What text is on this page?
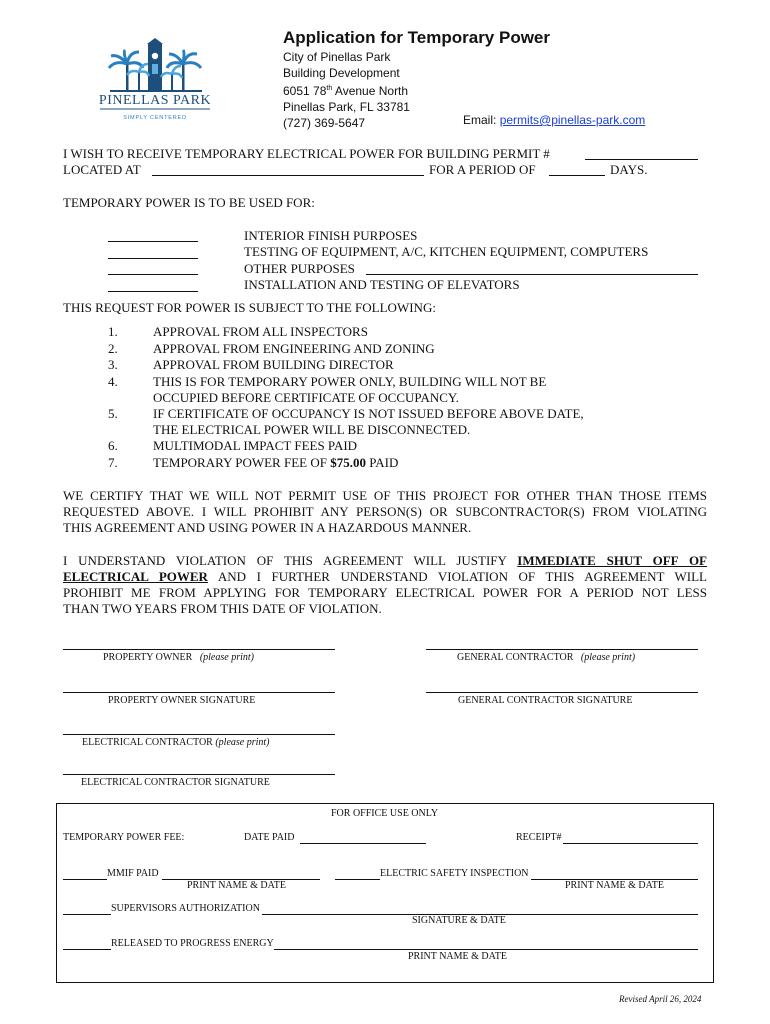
PINELLAS PARK
SIMPLY CENTERED
Application for Temporary Power
City of Pinellas Park
Building Development
6051 78th Avenue North
Pinellas Park, FL 33781
(727) 369-5647	Email: permits@pinellas-park.com
I WISH TO RECEIVE TEMPORARY ELECTRICAL POWER FOR BUILDING PERMIT #
LOCATED AT	FOR A PERIOD OF	DAYS.
TEMPORARY POWER IS TO BE USED FOR:
INTERIOR FINISH PURPOSES
TESTING OF EQUIPMENT, A/C, KITCHEN EQUIPMENT, COMPUTERS
OTHER PURPOSES
INSTALLATION AND TESTING OF ELEVATORS
THIS REQUEST FOR POWER IS SUBJECT TO THE FOLLOWING:
1.	APPROVAL FROM ALL INSPECTORS
2.	APPROVAL FROM ENGINEERING AND ZONING
3.	APPROVAL FROM BUILDING DIRECTOR
4.	THIS IS FOR TEMPORARY POWER ONLY, BUILDING WILL NOT BE
OCCUPIED BEFORE CERTIFICATE OF OCCUPANCY.
5.	IF CERTIFICATE OF OCCUPANCY IS NOT ISSUED BEFORE ABOVE DATE,
THE ELECTRICAL POWER WILL BE DISCONNECTED.
6.	MULTIMODAL IMPACT FEES PAID
7.	TEMPORARY POWER FEE OF $75.00 PAID
WE CERTIFY THAT WE WILL NOT PERMIT USE OF THIS PROJECT FOR OTHER THAN THOSE ITEMS
REQUESTED ABOVE. I WILL PROHIBIT ANY PERSON(S) OR SUBCONTRACTOR(S) FROM VIOLATING
THIS AGREEMENT AND USING POWER IN A HAZARDOUS MANNER.
I UNDERSTAND VIOLATION OF THIS AGREEMENT WILL JUSTIFY IMMEDIATE SHUT OFF OF
ELECTRICAL POWER AND I FURTHER UNDERSTAND VIOLATION OF THIS AGREEMENT WILL
PROHIBIT ME FROM APPLYING FOR TEMPORARY ELECTRICAL POWER FOR A PERIOD NOT LESS
THAN TWO YEARS FROM THIS DATE OF VIOLATION.
PROPERTY OWNER (please print)	GENERAL CONTRACTOR (please print)
PROPERTY OWNER SIGNATURE	GENERAL CONTRACTOR SIGNATURE
ELECTRICAL CONTRACTOR (please print)
ELECTRICAL CONTRACTOR SIGNATURE
FOR OFFICE USE ONLY
TEMPORARY POWER FEE:	DATE PAID	RECEIPT#
MMIF PAID	ELECTRIC SAFETY INSPECTION
PRINT NAME & DATE	PRINT NAME & DATE
SUPERVISORS AUTHORIZATION
SIGNATURE & DATE
RELEASED TO PROGRESS ENERGY
PRINT NAME & DATE
Revised April 26, 2024
